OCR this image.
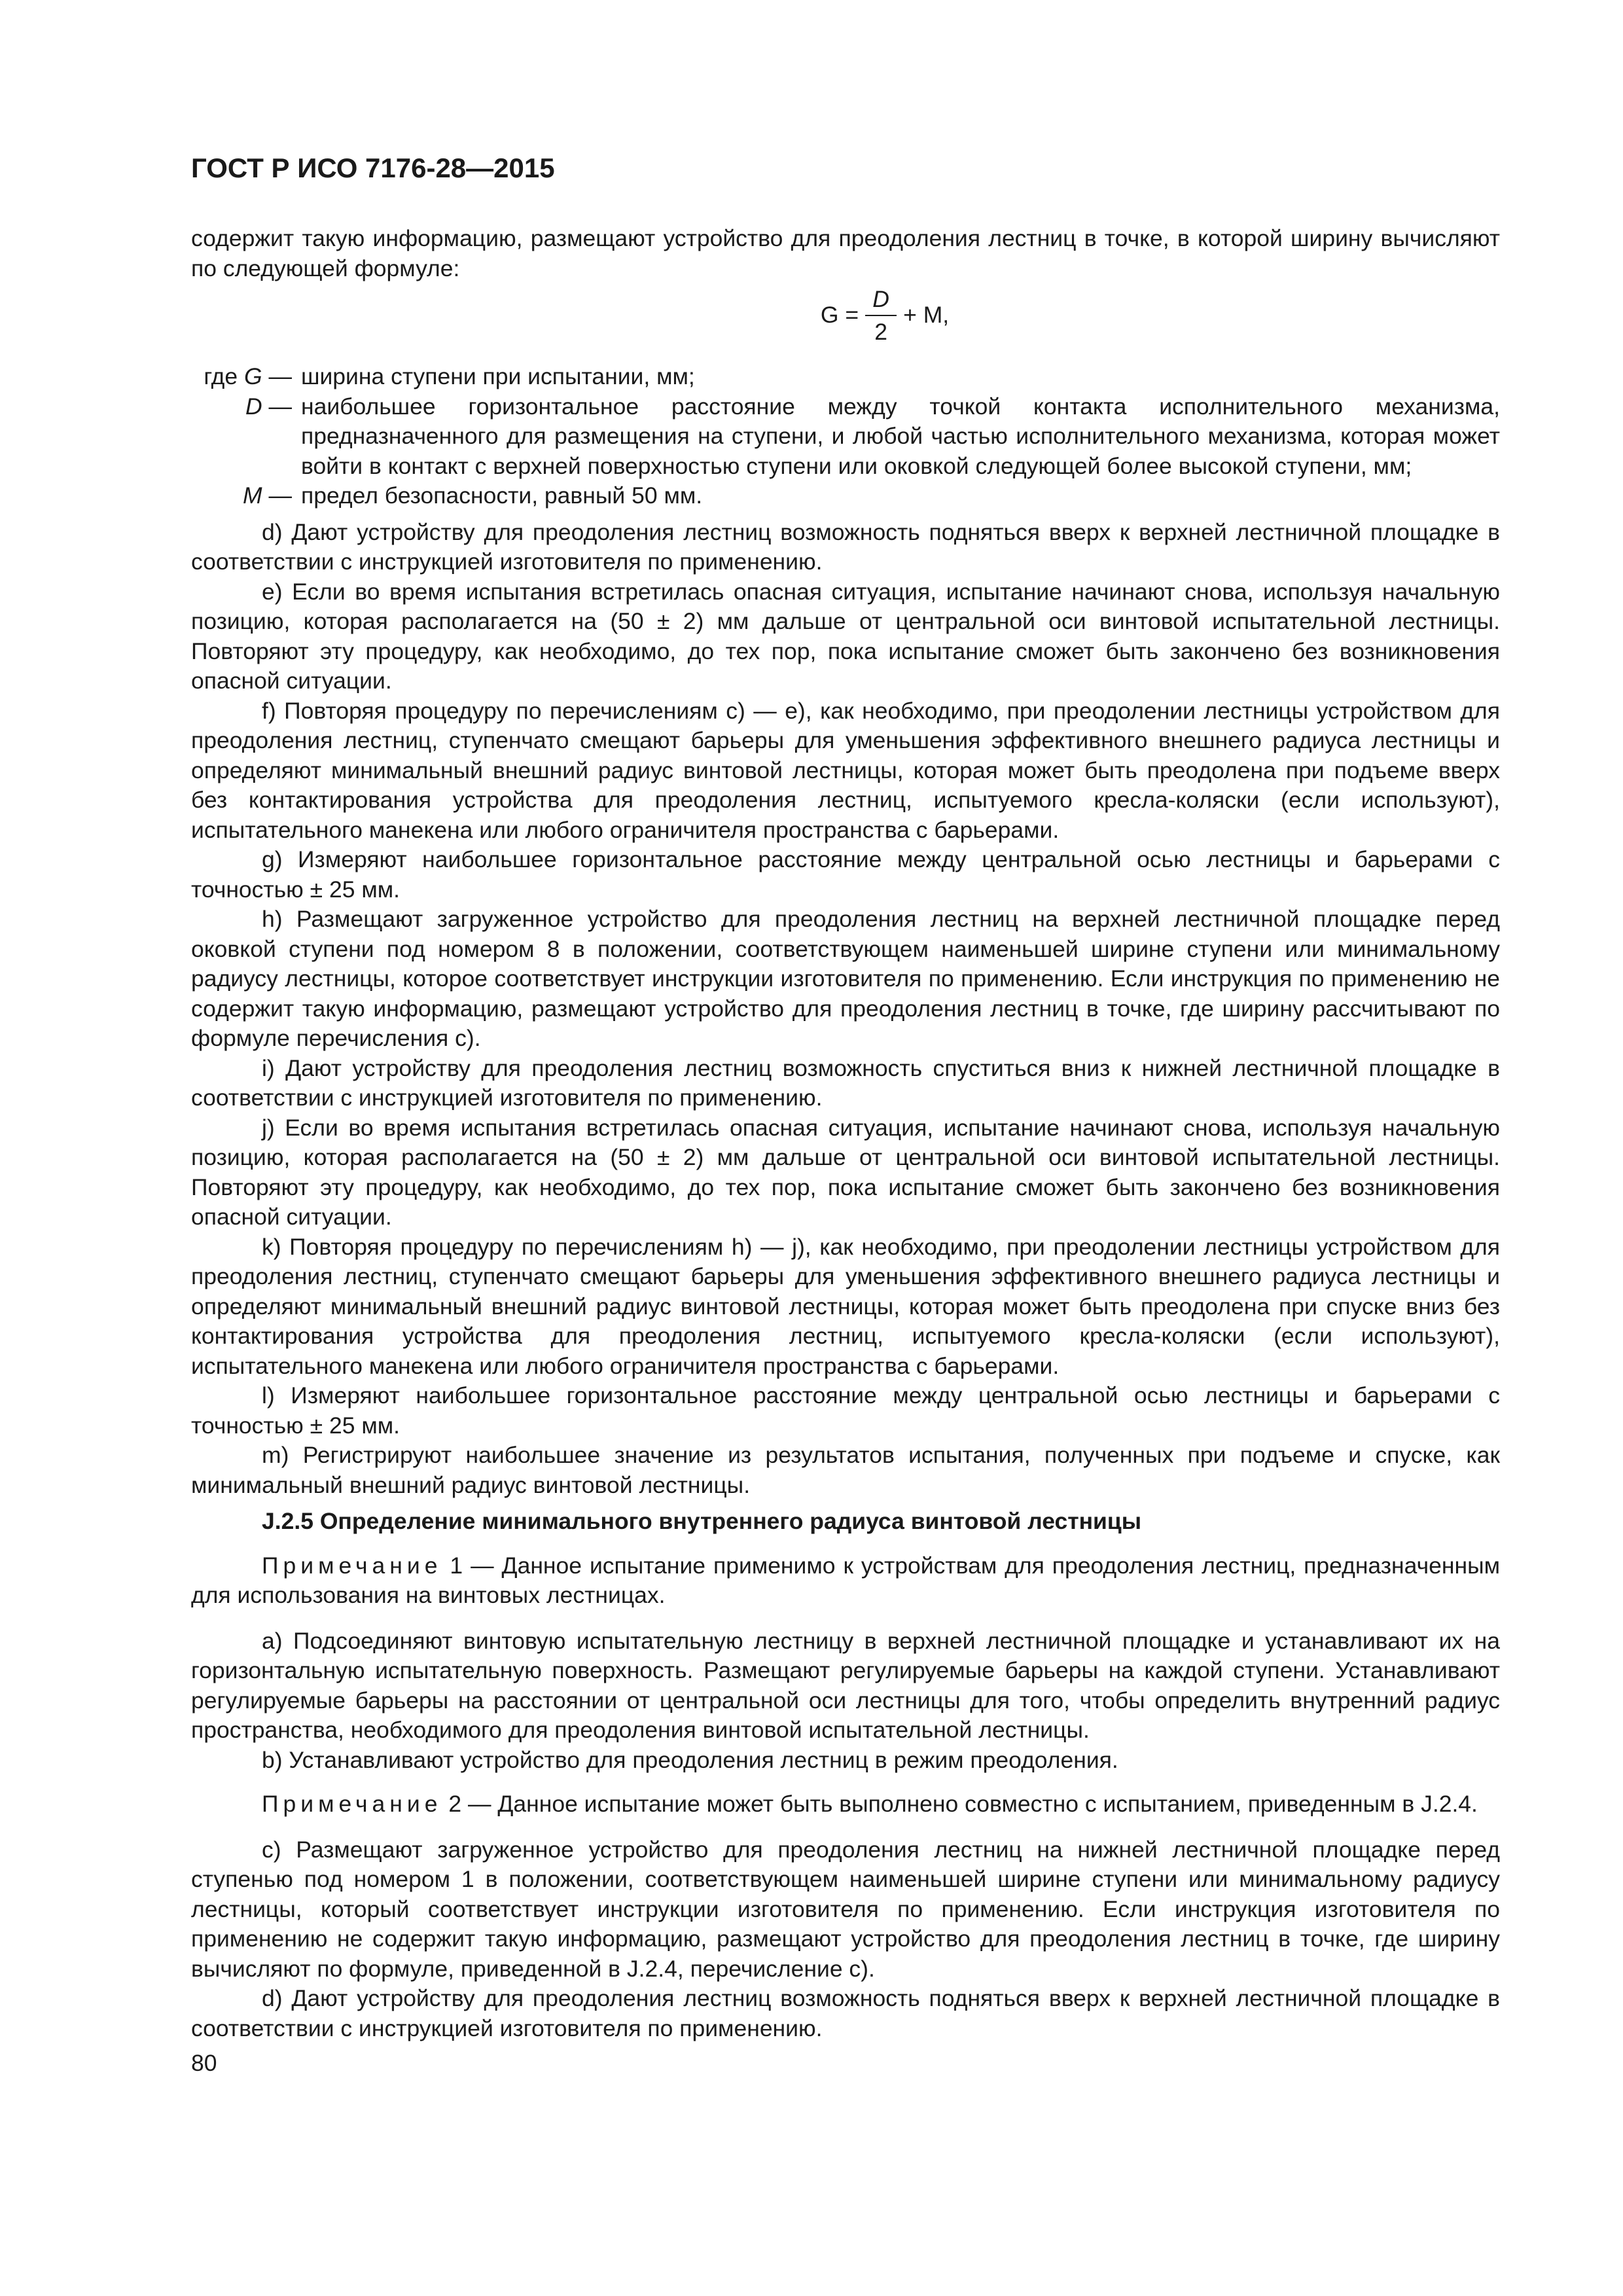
ГОСТ Р ИСО 7176-28—2015

содержит такую информацию, размещают устройство для преодоления лестниц в точке, в которой ширину вычисляют по следующей формуле:

$G = \frac{D}{2} + M$,
где G — ширина ступени при испытании, мм;
D — наибольшее горизонтальное расстояние между точкой контакта исполнительного механизма, предназначенного для размещения на ступени, и любой частью исполнительного механизма, которая может войти в контакт с верхней поверхностью ступени или оковкой следующей более высокой ступени, мм;
M — предел безопасности, равный 50 мм.

d) Дают устройству для преодоления лестниц возможность подняться вверх к верхней лестничной площадке в соответствии с инструкцией изготовителя по применению.

e) Если во время испытания встретилась опасная ситуация, испытание начинают снова, используя начальную позицию, которая располагается на (50 ± 2) мм дальше от центральной оси винтовой испытательной лестницы. Повторяют эту процедуру, как необходимо, до тех пор, пока испытание сможет быть закончено без возникновения опасной ситуации.

f) Повторяя процедуру по перечислениям с) — е), как необходимо, при преодолении лестницы устройством для преодоления лестниц, ступенчато смещают барьеры для уменьшения эффективного внешнего радиуса лестницы и определяют минимальный внешний радиус винтовой лестницы, которая может быть преодолена при подъеме вверх без контактирования устройства для преодоления лестниц, испытуемого кресла-коляски (если используют), испытательного манекена или любого ограничителя пространства с барьерами.

g) Измеряют наибольшее горизонтальное расстояние между центральной осью лестницы и барьерами с точностью ± 25 мм.

h) Размещают загруженное устройство для преодоления лестниц на верхней лестничной площадке перед оковкой ступени под номером 8 в положении, соответствующем наименьшей ширине ступени или минимальному радиусу лестницы, которое соответствует инструкции изготовителя по применению. Если инструкция по применению не содержит такую информацию, размещают устройство для преодоления лестниц в точке, где ширину рассчитывают по формуле перечисления с).

i) Дают устройству для преодоления лестниц возможность спуститься вниз к нижней лестничной площадке в соответствии с инструкцией изготовителя по применению.

j) Если во время испытания встретилась опасная ситуация, испытание начинают снова, используя начальную позицию, которая располагается на (50 ± 2) мм дальше от центральной оси винтовой испытательной лестницы. Повторяют эту процедуру, как необходимо, до тех пор, пока испытание сможет быть закончено без возникновения опасной ситуации.

k) Повторяя процедуру по перечислениям h) — j), как необходимо, при преодолении лестницы устройством для преодоления лестниц, ступенчато смещают барьеры для уменьшения эффективного внешнего радиуса лестницы и определяют минимальный внешний радиус винтовой лестницы, которая может быть преодолена при спуске вниз без контактирования устройства для преодоления лестниц, испытуемого кресла-коляски (если используют), испытательного манекена или любого ограничителя пространства с барьерами.

l) Измеряют наибольшее горизонтальное расстояние между центральной осью лестницы и барьерами с точностью ± 25 мм.

m) Регистрируют наибольшее значение из результатов испытания, полученных при подъеме и спуске, как минимальный внешний радиус винтовой лестницы.

J.2.5 Определение минимального внутреннего радиуса винтовой лестницы

Примечание 1 — Данное испытание применимо к устройствам для преодоления лестниц, предназначенным для использования на винтовых лестницах.

a) Подсоединяют винтовую испытательную лестницу в верхней лестничной площадке и устанавливают их на горизонтальную испытательную поверхность. Размещают регулируемые барьеры на каждой ступени. Устанавливают регулируемые барьеры на расстоянии от центральной оси лестницы для того, чтобы определить внутренний радиус пространства, необходимого для преодоления винтовой испытательной лестницы.

b) Устанавливают устройство для преодоления лестниц в режим преодоления.

Примечание 2 — Данное испытание может быть выполнено совместно с испытанием, приведенным в J.2.4.

c) Размещают загруженное устройство для преодоления лестниц на нижней лестничной площадке перед ступенью под номером 1 в положении, соответствующем наименьшей ширине ступени или минимальному радиусу лестницы, который соответствует инструкции изготовителя по применению. Если инструкция изготовителя по применению не содержит такую информацию, размещают устройство для преодоления лестниц в точке, где ширину вычисляют по формуле, приведенной в J.2.4, перечисление с).

d) Дают устройству для преодоления лестниц возможность подняться вверх к верхней лестничной площадке в соответствии с инструкцией изготовителя по применению.

80
